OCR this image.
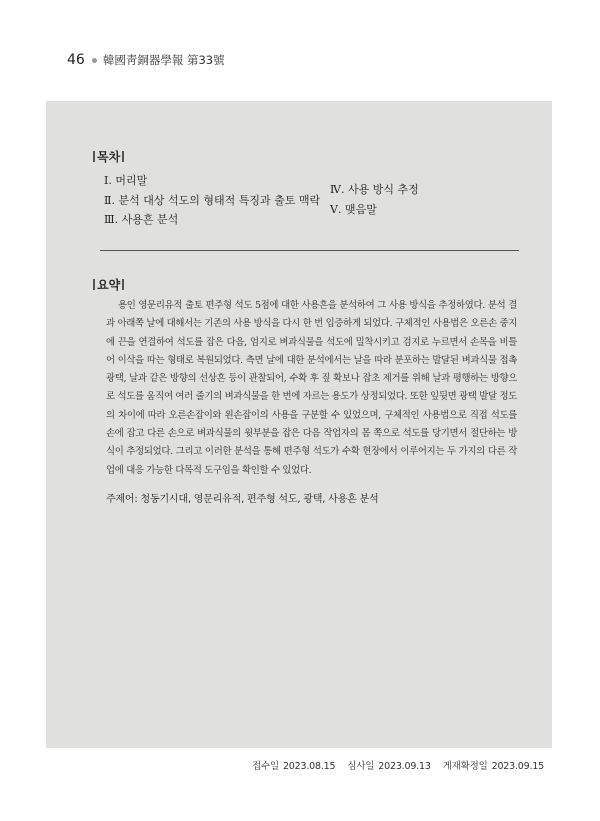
46 韓國靑銅器學報 第33號
목차
Ⅰ. 머리말
Ⅱ. 분석 대상 석도의 형태적 특징과 출토 맥락
Ⅲ. 사용흔 분석
Ⅳ. 사용 방식 추정
Ⅴ. 맺음말
요약

용인 영문리유적 출토 편주형 석도 5점에 대한 사용흔을 분석하여 그 사용 방식을 추정하였다. 분석 결과 아래쪽 날에 대해서는 기존의 사용 방식을 다시 한 번 입증하게 되었다. 구체적인 사용법은 오른손 중지에 끈을 연결하여 석도를 잡은 다음, 엄지로 벼과식물을 석도에 밀착시키고 검지로 누르면서 손목을 비틀어 이삭을 따는 형태로 복원되었다. 측면 날에 대한 분석에서는 날을 따라 분포하는 발달된 벼과식물 접촉 광택, 날과 같은 방향의 선상흔 등이 관찰되어, 수확 후 짚 확보나 잡초 제거를 위해 날과 평행하는 방향으로 석도를 움직여 여러 줄기의 벼과식물을 한 번에 자르는 용도가 상정되었다. 또한 잎뒷면 광택 발달 정도의 차이에 따라 오른손잡이와 왼손잡이의 사용을 구분할 수 있었으며, 구체적인 사용법으로 직접 석도를 손에 잡고 다른 손으로 벼과식물의 윗부분을 잡은 다음 작업자의 몸 쪽으로 석도를 당기면서 절단하는 방식이 추정되었다. 그리고 이러한 분석을 통해 편주형 석도가 수확 현장에서 이루어지는 두 가지의 다른 작업에 대응 가능한 다목적 도구임을 확인할 수 있었다.

주제어: 청동기시대, 영문리유적, 편주형 석도, 광택, 사용흔 분석
접수일 2023.08.15 심사일 2023.09.13 게재확정일 2023.09.15
